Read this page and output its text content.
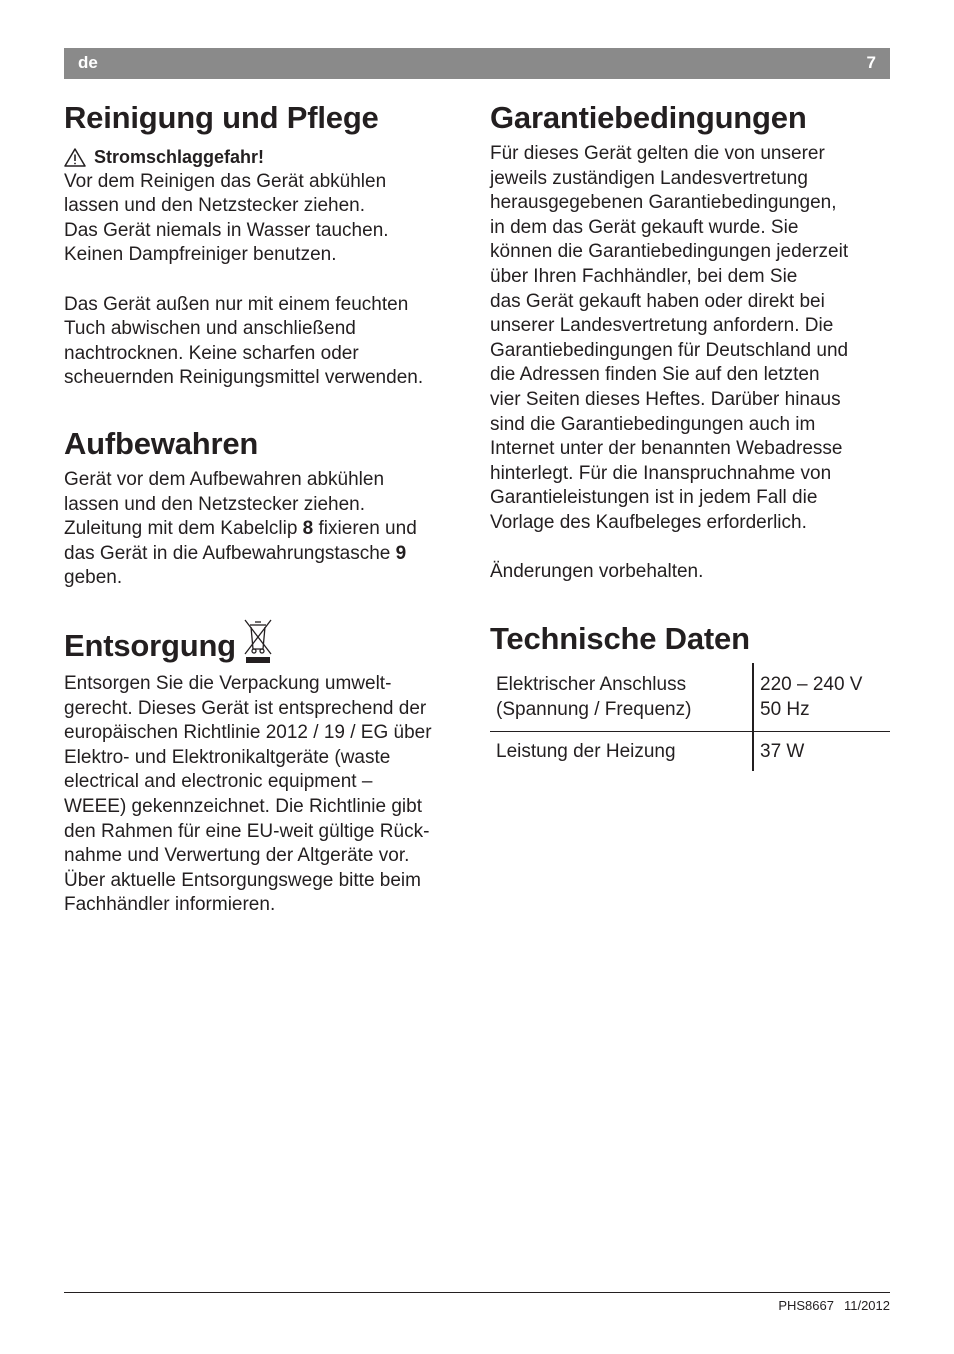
de	7
Reinigung und Pflege
Stromschlaggefahr!

Vor dem Reinigen das Gerät abkühlen
lassen und den Netzstecker ziehen.
Das Gerät niemals in Wasser tauchen.
Keinen Dampfreiniger benutzen.

Das Gerät außen nur mit einem feuchten
Tuch abwischen und anschließend
nachtrocknen. Keine scharfen oder
scheuernden Reinigungsmittel verwenden.

Aufbewahren

Gerät vor dem Aufbewahren abkühlen
lassen und den Netzstecker ziehen.
Zuleitung mit dem Kabelclip 8 fixieren und
das Gerät in die Aufbewahrungstasche 9
geben.

Entsorgung

Entsorgen Sie die Verpackung umwelt-
gerecht. Dieses Gerät ist entsprechend der
europäischen Richtlinie 2012 / 19 / EG über
Elektro- und Elektronikaltgeräte (waste
electrical and electronic equipment –
WEEE) gekennzeichnet. Die Richtlinie gibt
den Rahmen für eine EU-weit gültige Rück-
nahme und Verwertung der Altgeräte vor.
Über aktuelle Entsorgungswege bitte beim
Fachhändler informieren.

Garantiebedingungen

Für dieses Gerät gelten die von unserer
jeweils zuständigen Landesvertretung
herausgegebenen Garantiebedingungen,
in dem das Gerät gekauft wurde. Sie
können die Garantiebedingungen jederzeit
über Ihren Fachhändler, bei dem Sie
das Gerät gekauft haben oder direkt bei
unserer Landesvertretung anfordern. Die
Garantiebedingungen für Deutschland und
die Adressen finden Sie auf den letzten
vier Seiten dieses Heftes. Darüber hinaus
sind die Garantiebedingungen auch im
Internet unter der benannten Webadresse
hinterlegt. Für die Inanspruchnahme von
Garantieleistungen ist in jedem Fall die
Vorlage des Kaufbeleges erforderlich.

Änderungen vorbehalten.

Technische Daten
Elektrischer Anschluss
(Spannung / Frequenz)	220 – 240 V
50 Hz
Leistung der Heizung	37 W
PHS8667 11/2012
